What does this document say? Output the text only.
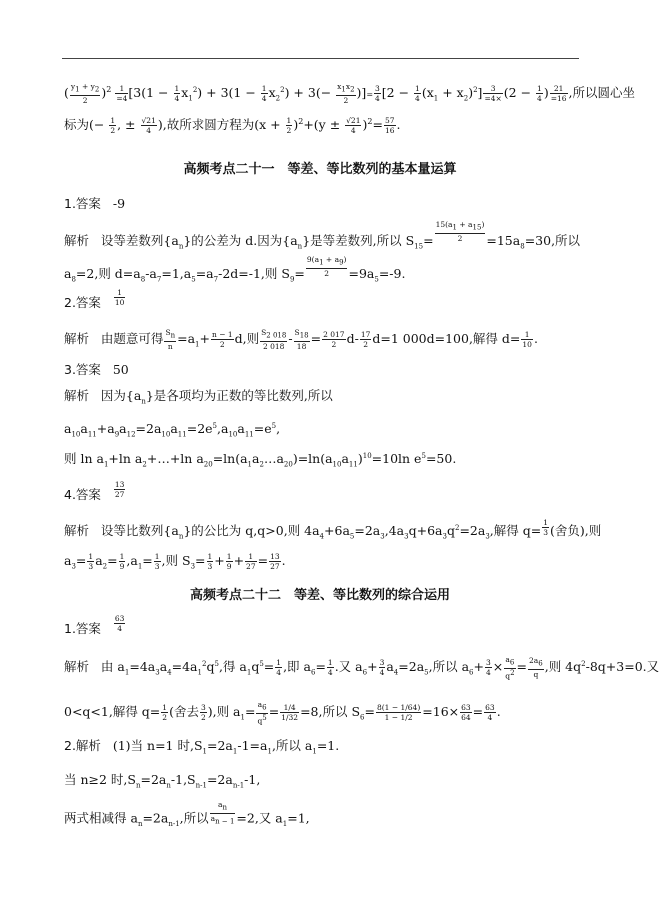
( $\frac{y_1 + y_2}{2} )^2 \frac{1}{=4} [3(1 - \frac{1}{4} x_1^2) + 3(1 - \frac{1}{4} x_2^2) + 3(- \frac{x_1x_2}{2}$ )]= $\frac{3}{4} [2 - \frac{1}{4} (x_1 + x_2)^2] \frac{3}{=4\times} (2 - \frac{1}{4}$ ) $\frac{21}{=16}$ ,所以圆心坐
标为(− $\frac{1}{2}$ , ± $\frac{√21}{4}$ ),故所求圆方程为$(x + \frac{1}{2} )^2+(y \pm \frac{√21}{4} )^2= \frac{57}{16}$ .
高频考点二十一　等差、等比数列的基本量运算
1.答案 -9
解析   设等差数列$\{a_n\}$的公差为 d.因为$\{a_n\}$是等差数列,所以 $S_{15}= \frac{15(a_1 + a_{15})}{2} =15a_8=30$,所以
$a_8=2$,则 $d=a_8-a_7=1,a_5=a_7-2d=-1$,则 $S_9= \frac{9(a_1 + a_9)}{2} =9a_5=-9$.
2.答案 $\frac{1}{10}$
解析   由题意可得 $\frac{S_n}{n} =a_1+ \frac{n - 1}{2} d$,则 $\frac{S_{2 018}}{2 018} - \frac{S_{18}}{18} = \frac{2 017}{2} d- \frac{17}{2} d=1$ 000d=100,解得 $d= \frac{1}{10}$ .
3.答案 50
解析   因为$\{a_n\}$是各项均为正数的等比数列,所以
$a_{10}a_{11}+a_9a_{12}=2a_{10}a_{11}=2e^5,a_{10}a_{11}=e^5$,
则 $\ln a_1+\ln$ $a_2+\dots+\ln$ $a_{20}=\ln(a_1a_2\dots a_{20})=\ln(a_{10}a_{11})^{10}=10\ln$ $e^5=50$.
4.答案 $\frac{13}{27}$
解析   设等比数列$\{a_n\}$的公比为 q,q>0,则 $4a_4+6a_5=2a_3,4a_3q+6a_3q^2=2a_3$,解得 $q= \frac{1}{3}$ (舍负),则
$a_3= \frac{1}{3} a_2= \frac{1}{9} ,a_1= \frac{1}{3}$ ,则 $S_3= \frac{1}{3} + \frac{1}{9} + \frac{1}{27} = \frac{13}{27}$ .
高频考点二十二　等差、等比数列的综合运用
1.答案 $\frac{63}{4}$
解析   由 $a_1=4a_3a_4=4a_1^2q^5$,得 $a_1q^5= \frac{1}{4}$ ,即 $a_6= \frac{1}{4}$ .又 $a_6+ \frac{3}{4} a_4=2a_5$,所以 $a_6+ \frac{3}{4} \times \frac{a_6}{q^2} = \frac{2a_6}{q}$ ,则 $4q^2-8q+3=0$.又
0<q<1,解得 $q= \frac{1}{2}$ (舍去 $\frac{3}{2}$ ),则 $a_1= \frac{a_6}{q^5} = \frac{1/4}{1/32} =8$,所以 $S_6= \frac{8(1 - 1/64)}{1 - 1/2} =16\times \frac{63}{64} = \frac{63}{4}$ .
2.解析   (1)当 n=1 时$,S_1=2a_1-1=a_1$,所以 $a_1=1$.
当 n≥2 时$,S_n=2a_n-1,S_{n-1}=2a_{n-1}-1$,
两式相减得 $a_n=2a_{n-1}$,所以 $\frac{a_n}{a_{n - 1}} =2$,又 $a_1=1$,
